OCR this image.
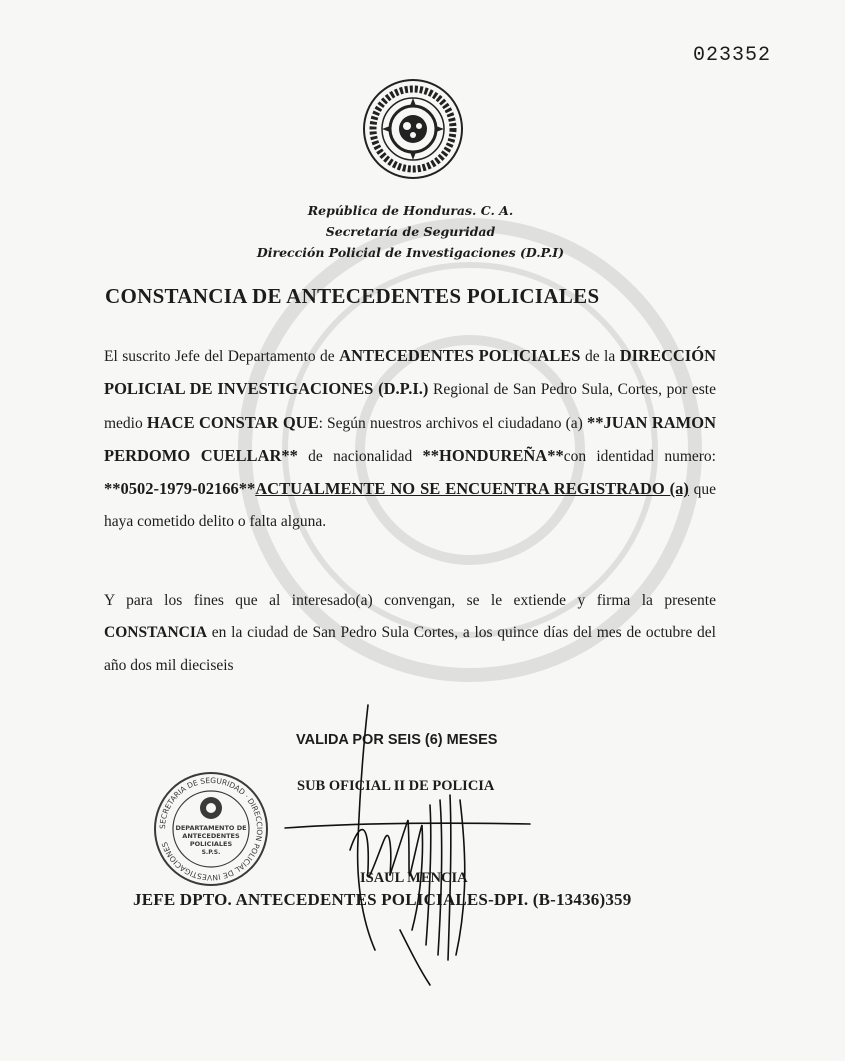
023352
República de Honduras. C. A.
Secretaría de Seguridad
Dirección Policial de Investigaciones (D.P.I)
CONSTANCIA DE ANTECEDENTES POLICIALES
El suscrito Jefe del Departamento de ANTECEDENTES POLICIALES de la DIRECCIÓN POLICIAL DE INVESTIGACIONES (D.P.I.) Regional de San Pedro Sula, Cortes, por este medio HACE CONSTAR QUE: Según nuestros archivos el ciudadano (a) **JUAN RAMON PERDOMO CUELLAR** de nacionalidad **HONDUREÑA**con identidad numero: **0502-1979-02166**ACTUALMENTE NO SE ENCUENTRA REGISTRADO (a) que haya cometido delito o falta alguna.
Y para los fines que al interesado(a) convengan, se le extiende y firma la presente CONSTANCIA en la ciudad de San Pedro Sula Cortes, a los quince días del mes de octubre del año dos mil dieciseis
VALIDA POR SEIS (6) MESES
SUB OFICIAL II DE POLICIA
ISAUL MENCIA
JEFE DPTO. ANTECEDENTES POLICIALES-DPI. (B-13436)359
SECRETARIA DE SEGURIDAD · DIRECCION POLICIAL DE INVESTIGACIONES
DEPARTAMENTO DE
ANTECEDENTES
POLICIALES
S.P.S.
